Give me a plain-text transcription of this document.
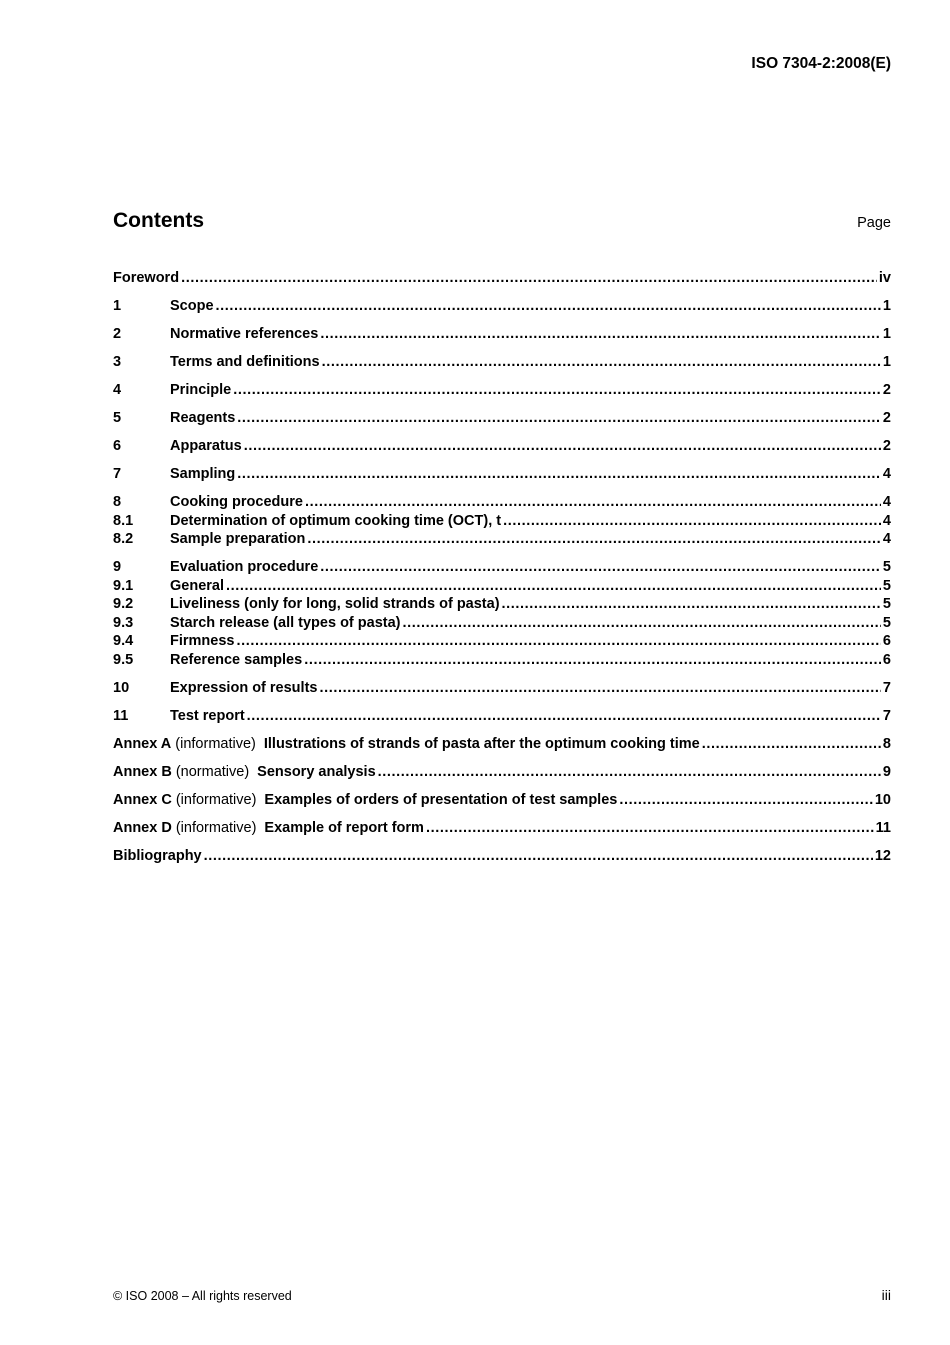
ISO 7304-2:2008(E)
Contents	Page
Foreword .....	iv
1	Scope .....	1
2	Normative references .....	1
3	Terms and definitions .....	1
4	Principle .....	2
5	Reagents .....	2
6	Apparatus .....	2
7	Sampling .....	4
8	Cooking procedure .....	4
8.1	Determination of optimum cooking time (OCT), t .....	4
8.2	Sample preparation .....	4
9	Evaluation procedure .....	5
9.1	General .....	5
9.2	Liveliness (only for long, solid strands of pasta) .....	5
9.3	Starch release (all types of pasta) .....	5
9.4	Firmness .....	6
9.5	Reference samples .....	6
10	Expression of results .....	7
11	Test report .....	7
Annex A (informative) Illustrations of strands of pasta after the optimum cooking time .....	8
Annex B (normative) Sensory analysis .....	9
Annex C (informative) Examples of orders of presentation of test samples .....	10
Annex D (informative) Example of report form .....	11
Bibliography .....	12
© ISO 2008 – All rights reserved	iii
